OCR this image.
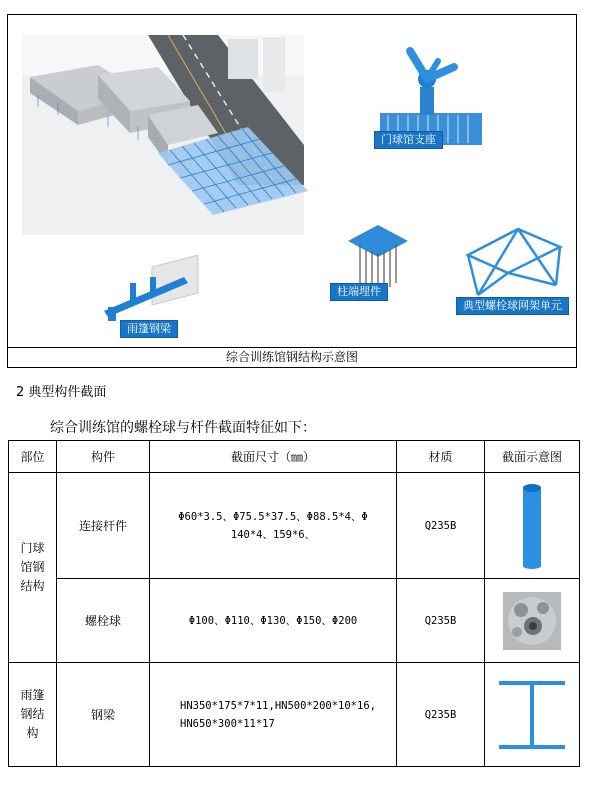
门球馆支座
柱端埋件
典型螺栓球网架单元
雨篷钢梁
综合训练馆钢结构示意图
2 典型构件截面
综合训练馆的螺栓球与杆件截面特征如下：
部位	构件	截面尺寸（㎜）	材质	截面示意图

门球馆钢结构	连接杆件	Φ60*3.5、Φ75.5*37.5、Φ88.5*4、Φ
140*4、159*6、	Q235B	

	螺栓球	Φ100、Φ110、Φ130、Φ150、Φ200	Q235B	

雨篷钢结构	钢梁	HN350*175*7*11,HN500*200*10*16,
HN650*300*11*17	Q235B	
